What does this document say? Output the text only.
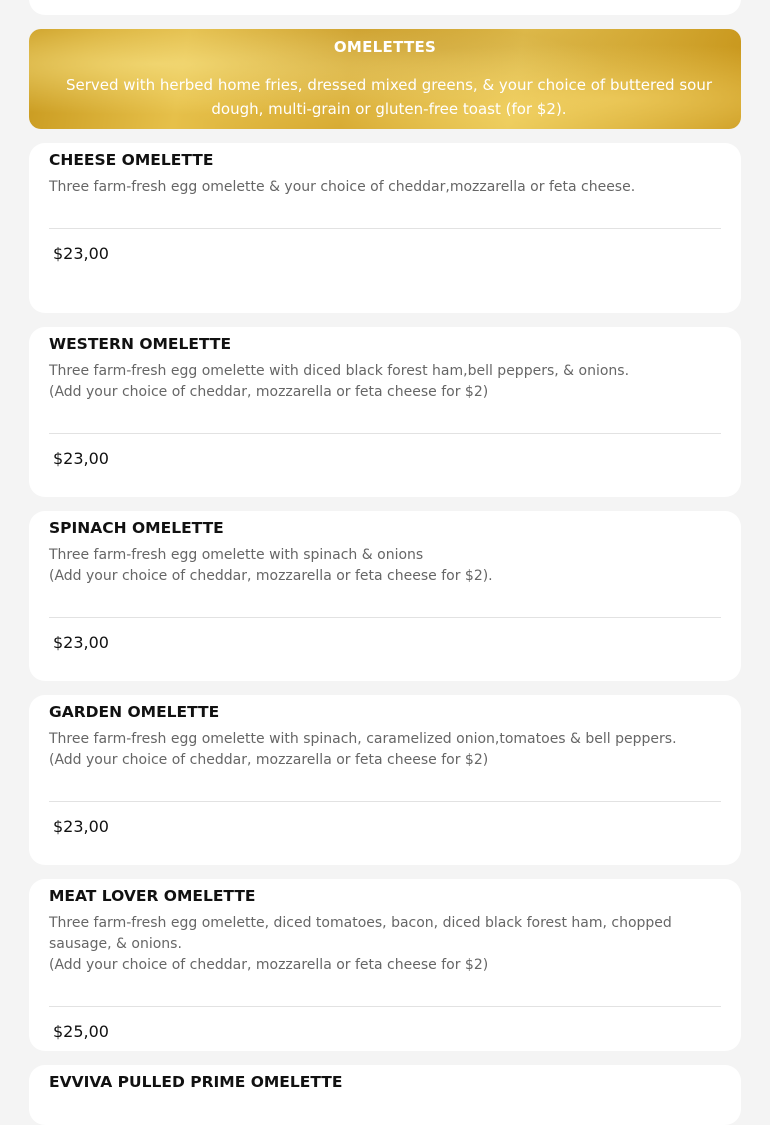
OMELETTES
Served with herbed home fries, dressed mixed greens, & your choice of buttered sour dough, multi-grain or gluten-free toast (for $2).
CHEESE OMELETTE
Three farm-fresh egg omelette & your choice of cheddar,mozzarella or feta cheese.
$23,00
WESTERN OMELETTE
Three farm-fresh egg omelette with diced black forest ham,bell peppers, & onions.
(Add your choice of cheddar, mozzarella or feta cheese for $2)
$23,00
SPINACH OMELETTE
Three farm-fresh egg omelette with spinach & onions
(Add your choice of cheddar, mozzarella or feta cheese for $2).
$23,00
GARDEN OMELETTE
Three farm-fresh egg omelette with spinach, caramelized onion,tomatoes & bell peppers.
(Add your choice of cheddar, mozzarella or feta cheese for $2)
$23,00
MEAT LOVER OMELETTE
Three farm-fresh egg omelette, diced tomatoes, bacon, diced black forest ham, chopped sausage, & onions.
(Add your choice of cheddar, mozzarella or feta cheese for $2)
$25,00
EVVIVA PULLED PRIME OMELETTE
